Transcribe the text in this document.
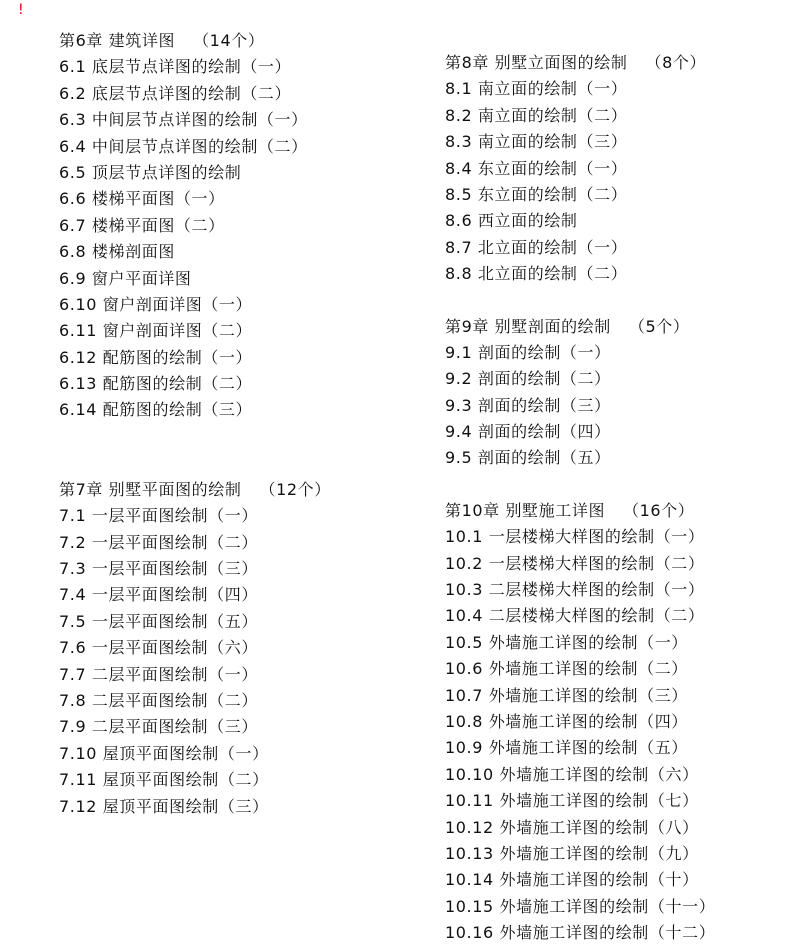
!
第6章 建筑详图 （14个）
6.1 底层节点详图的绘制（一）
6.2 底层节点详图的绘制（二）
6.3 中间层节点详图的绘制（一）
6.4 中间层节点详图的绘制（二）
6.5 顶层节点详图的绘制
6.6 楼梯平面图（一）
6.7 楼梯平面图（二）
6.8 楼梯剖面图
6.9 窗户平面详图
6.10 窗户剖面详图（一）
6.11 窗户剖面详图（二）
6.12 配筋图的绘制（一）
6.13 配筋图的绘制（二）
6.14 配筋图的绘制（三）
第7章 别墅平面图的绘制 （12个）
7.1 一层平面图绘制（一）
7.2 一层平面图绘制（二）
7.3 一层平面图绘制（三）
7.4 一层平面图绘制（四）
7.5 一层平面图绘制（五）
7.6 一层平面图绘制（六）
7.7 二层平面图绘制（一）
7.8 二层平面图绘制（二）
7.9 二层平面图绘制（三）
7.10 屋顶平面图绘制（一）
7.11 屋顶平面图绘制（二）
7.12 屋顶平面图绘制（三）
第8章 别墅立面图的绘制 （8个）
8.1 南立面的绘制（一）
8.2 南立面的绘制（二）
8.3 南立面的绘制（三）
8.4 东立面的绘制（一）
8.5 东立面的绘制（二）
8.6 西立面的绘制
8.7 北立面的绘制（一）
8.8 北立面的绘制（二）
第9章 别墅剖面的绘制 （5个）
9.1 剖面的绘制（一）
9.2 剖面的绘制（二）
9.3 剖面的绘制（三）
9.4 剖面的绘制（四）
9.5 剖面的绘制（五）
第10章 别墅施工详图 （16个）
10.1 一层楼梯大样图的绘制（一）
10.2 一层楼梯大样图的绘制（二）
10.3 二层楼梯大样图的绘制（一）
10.4 二层楼梯大样图的绘制（二）
10.5 外墙施工详图的绘制（一）
10.6 外墙施工详图的绘制（二）
10.7 外墙施工详图的绘制（三）
10.8 外墙施工详图的绘制（四）
10.9 外墙施工详图的绘制（五）
10.10 外墙施工详图的绘制（六）
10.11 外墙施工详图的绘制（七）
10.12 外墙施工详图的绘制（八）
10.13 外墙施工详图的绘制（九）
10.14 外墙施工详图的绘制（十）
10.15 外墙施工详图的绘制（十一）
10.16 外墙施工详图的绘制（十二）
